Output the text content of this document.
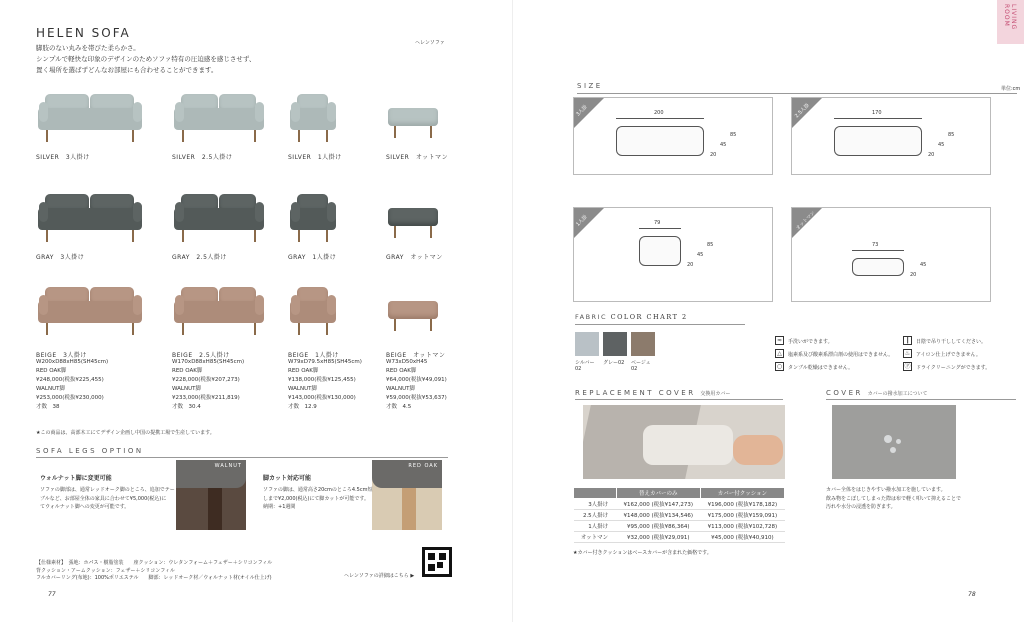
HELEN SOFA
ヘレンソファ
脚肢のない丸みを帯びた柔らかさ。
シンプルで軽快な印象のデザインのためソファ特有の圧迫感を感じさせず、
置く場所を選ばずどんなお部屋にも合わせることができます。
SILVER　3人掛け	SILVER　2.5人掛け	SILVER　1人掛け	SILVER　オットマン
GRAY　3人掛け	GRAY　2.5人掛け	GRAY　1人掛け	GRAY　オットマン
BEIGE　3人掛け	BEIGE　2.5人掛け	BEIGE　1人掛け	BEIGE　オットマン
W200xD88xH85(SH45cm)
RED OAK脚
¥248,000(税抜¥225,455)
WALNUT脚
¥253,000(税抜¥230,000)
才数　38
W170xD88xH85(SH45cm)
RED OAK脚
¥228,000(税抜¥207,273)
WALNUT脚
¥233,000(税抜¥211,819)
才数　30.4
W79xD79.5xH85(SH45cm)
RED OAK脚
¥138,000(税抜¥125,455)
WALNUT脚
¥143,000(税抜¥130,000)
才数　12.9
W73xD50xH45
RED OAK脚
¥64,000(税抜¥49,091)
WALNUT脚
¥59,000(税抜¥53,637)
才数　4.5
★この商品は、高部木工にてデザイン企画し中国の提携工場で生産しています。
SOFA LEGS OPTION
WALNUT	RED OAK
ウォルナット脚に変更可能
ソファの脚部は、通常レッドオーク脚のところ、追加でテー
ブルなど、お部屋全体の家具に合わせて¥5,000(税込)に
てウォルナット脚への変更が可能です。
脚カット対応可能
ソファの脚は、通常高さ20cmのところ4.5cm短
しまで¥2,000(税込)にて脚カットが可能です。
納期：+1週間
【仕様素材】　張地：ホパス・樹脂塗装　　座クッション：ウレタンフォーム＋フェザー＋シリコンフィル
背クッション・アームクッション：フェザー＋シリコンフィル
フルカバーリング(布地)：100%ポリエステル　　脚部：レッドオーク材／ウォルナット材(オイル仕上げ)	ヘレンソファの詳細はこちら ▶
77
LIVING ROOM
SIZE	単位:cm
3人掛	200
85
45
20
2.5人掛	170
85
45
20
1人掛	79
85
45
20
オットマン
73
45
20
FABRIC COLOR CHART 2
REPLACEMENT COVER 交換用カバー	COVER カバーの撥水加工について
	替えカバーのみ	カバー付クッション
3人掛け	¥162,000 (税抜¥147,273)	¥196,000 (税抜¥178,182)
2.5人掛け	¥148,000 (税抜¥134,546)	¥175,000 (税抜¥159,091)
1人掛け	¥95,000 (税抜¥86,364)	¥113,000 (税抜¥102,728)
オットマン	¥32,000 (税抜¥29,091)	¥45,000 (税抜¥40,910)
★カバー付きクッションはベースカバーが含まれた価格です。
カバー全体をはじきやすい撥水加工を施しています。
飲み物をこぼしてしまった際は布で軽く叩いて抑えることで
汚れや水分の浸透を防ぎます。
78
シルバー
02
グレー02 ベージュ
02
≈	手洗いができます。
△	塩素系及び酸素系漂白剤の使用はできません。
○	タンブル乾燥はできません。
┃	日陰で吊り干ししてください。
♨	アイロン仕上げできません。
Ⓟ	ドライクリーニングができます。
